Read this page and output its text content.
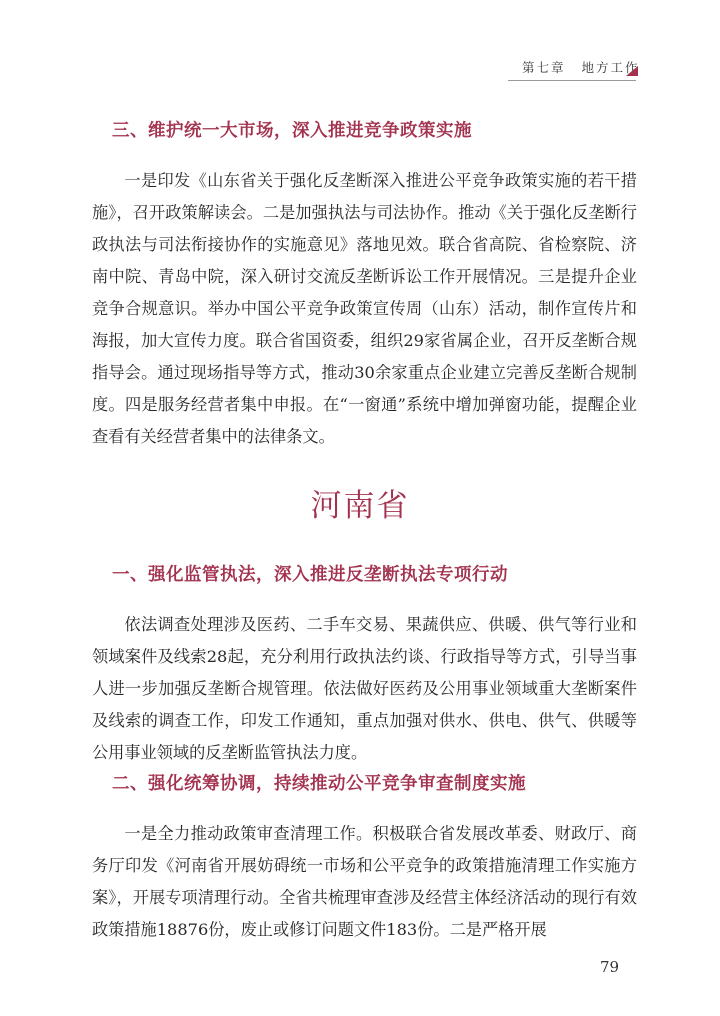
第七章 地方工作
三、维护统一大市场，深入推进竞争政策实施

一是印发《山东省关于强化反垄断深入推进公平竞争政策实施的若干措施》，召开政策解读会。二是加强执法与司法协作。推动《关于强化反垄断行政执法与司法衔接协作的实施意见》落地见效。联合省高院、省检察院、济南中院、青岛中院，深入研讨交流反垄断诉讼工作开展情况。三是提升企业竞争合规意识。举办中国公平竞争政策宣传周（山东）活动，制作宣传片和海报，加大宣传力度。联合省国资委，组织29家省属企业，召开反垄断合规指导会。通过现场指导等方式，推动30余家重点企业建立完善反垄断合规制度。四是服务经营者集中申报。在“一窗通”系统中增加弹窗功能，提醒企业查看有关经营者集中的法律条文。

河南省
一、强化监管执法，深入推进反垄断执法专项行动

依法调查处理涉及医药、二手车交易、果蔬供应、供暖、供气等行业和领域案件及线索28起，充分利用行政执法约谈、行政指导等方式，引导当事人进一步加强反垄断合规管理。依法做好医药及公用事业领域重大垄断案件及线索的调查工作，印发工作通知，重点加强对供水、供电、供气、供暖等公用事业领域的反垄断监管执法力度。

二、强化统筹协调，持续推动公平竞争审查制度实施

一是全力推动政策审查清理工作。积极联合省发展改革委、财政厅、商务厅印发《河南省开展妨碍统一市场和公平竞争的政策措施清理工作实施方案》，开展专项清理行动。全省共梳理审查涉及经营主体经济活动的现行有效政策措施18876份，废止或修订问题文件183份。二是严格开展

79
